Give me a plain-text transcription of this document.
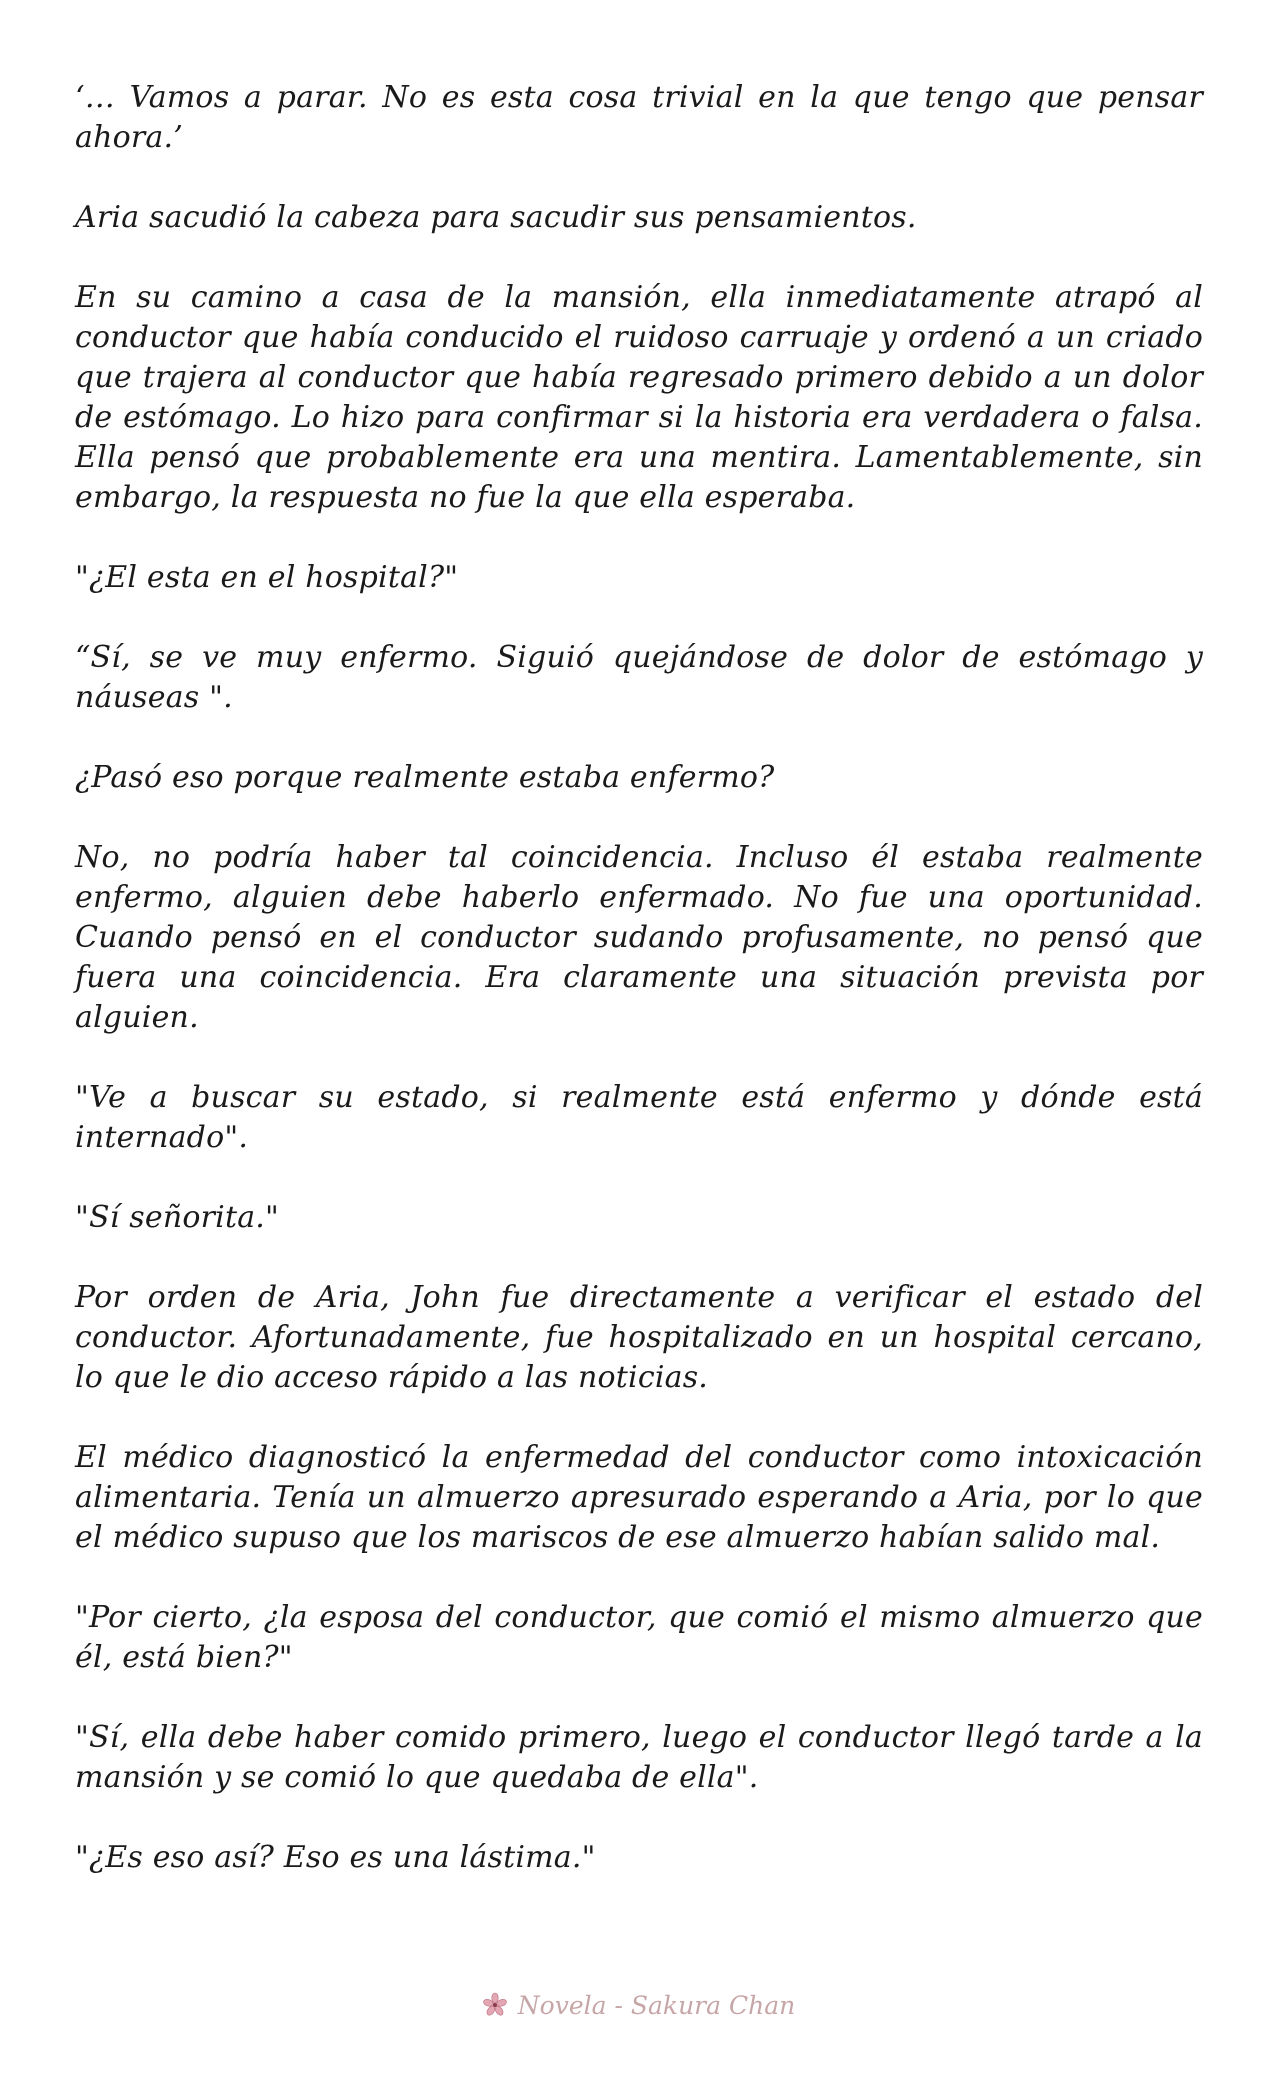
‘… Vamos a parar. No es esta cosa trivial en la que tengo que pensar ahora.’

Aria sacudió la cabeza para sacudir sus pensamientos.

En su camino a casa de la mansión, ella inmediatamente atrapó al conductor que había conducido el ruidoso carruaje y ordenó a un criado que trajera al conductor que había regresado primero debido a un dolor de estómago. Lo hizo para confirmar si la historia era verdadera o falsa. Ella pensó que probablemente era una mentira. Lamentablemente, sin embargo, la respuesta no fue la que ella esperaba.

"¿El esta en el hospital?"

“Sí, se ve muy enfermo. Siguió quejándose de dolor de estómago y náuseas ".

¿Pasó eso porque realmente estaba enfermo?

No, no podría haber tal coincidencia. Incluso él estaba realmente enfermo, alguien debe haberlo enfermado. No fue una oportunidad. Cuando pensó en el conductor sudando profusamente, no pensó que fuera una coincidencia. Era claramente una situación prevista por alguien.

"Ve a buscar su estado, si realmente está enfermo y dónde está internado".

"Sí señorita."

Por orden de Aria, John fue directamente a verificar el estado del conductor. Afortunadamente, fue hospitalizado en un hospital cercano, lo que le dio acceso rápido a las noticias.

El médico diagnosticó la enfermedad del conductor como intoxicación alimentaria. Tenía un almuerzo apresurado esperando a Aria, por lo que el médico supuso que los mariscos de ese almuerzo habían salido mal.

"Por cierto, ¿la esposa del conductor, que comió el mismo almuerzo que él, está bien?"

"Sí, ella debe haber comido primero, luego el conductor llegó tarde a la mansión y se comió lo que quedaba de ella".

"¿Es eso así? Eso es una lástima."

Novela - Sakura Chan
